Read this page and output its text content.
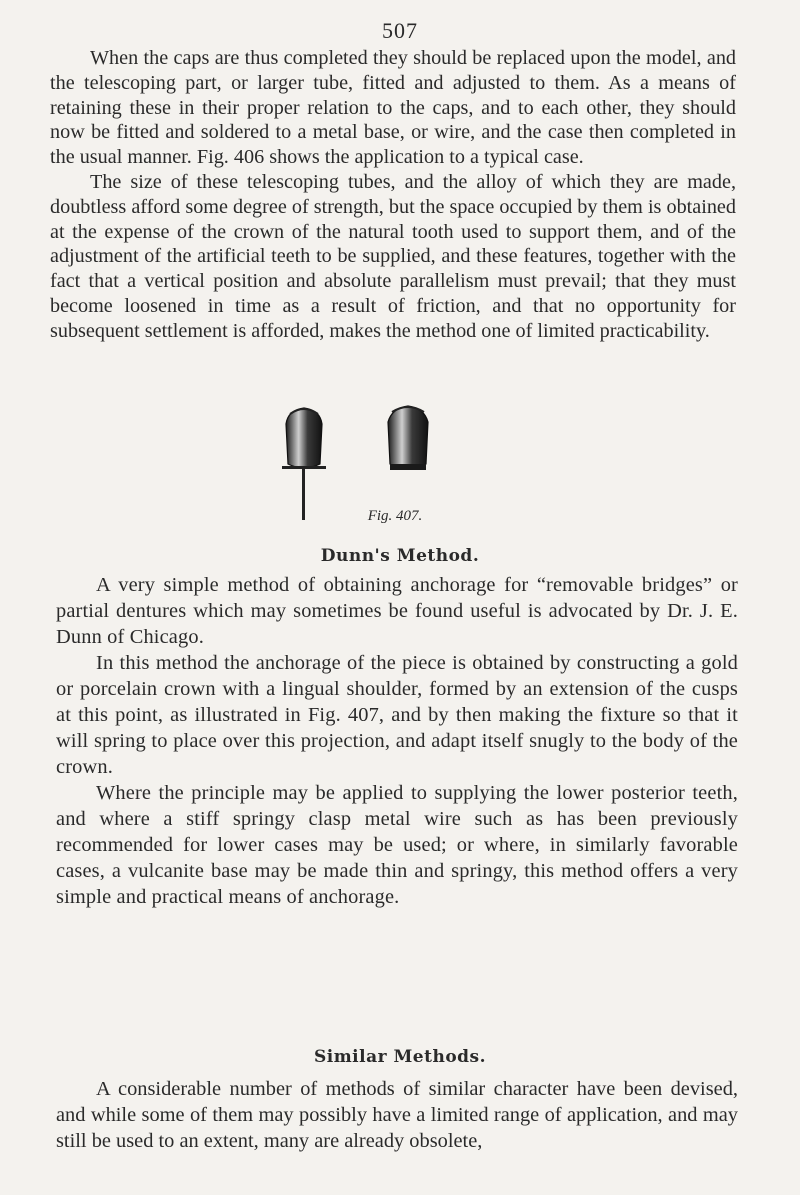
507

When the caps are thus completed they should be replaced upon the model, and the telescoping part, or larger tube, fitted and adjusted to them. As a means of retaining these in their proper relation to the caps, and to each other, they should now be fitted and soldered to a metal base, or wire, and the case then completed in the usual manner. Fig. 406 shows the application to a typical case.

The size of these telescoping tubes, and the alloy of which they are made, doubtless afford some degree of strength, but the space occupied by them is obtained at the expense of the crown of the natural tooth used to support them, and of the adjustment of the artificial teeth to be supplied, and these features, together with the fact that a vertical position and absolute parallelism must prevail; that they must become loosened in time as a result of friction, and that no opportunity for subsequent settlement is afforded, makes the method one of limited practicability.

Fig. 407.
Dunn's Method.

A very simple method of obtaining anchorage for “removable bridges” or partial dentures which may sometimes be found useful is advocated by Dr. J. E. Dunn of Chicago.

In this method the anchorage of the piece is obtained by constructing a gold or porcelain crown with a lingual shoulder, formed by an extension of the cusps at this point, as illustrated in Fig. 407, and by then making the fixture so that it will spring to place over this projection, and adapt itself snugly to the body of the crown.

Where the principle may be applied to supplying the lower posterior teeth, and where a stiff springy clasp metal wire such as has been previously recommended for lower cases may be used; or where, in similarly favorable cases, a vulcanite base may be made thin and springy, this method offers a very simple and practical means of anchorage.

Similar Methods.

A considerable number of methods of similar character have been devised, and while some of them may possibly have a limited range of application, and may still be used to an extent, many are already obsolete,
